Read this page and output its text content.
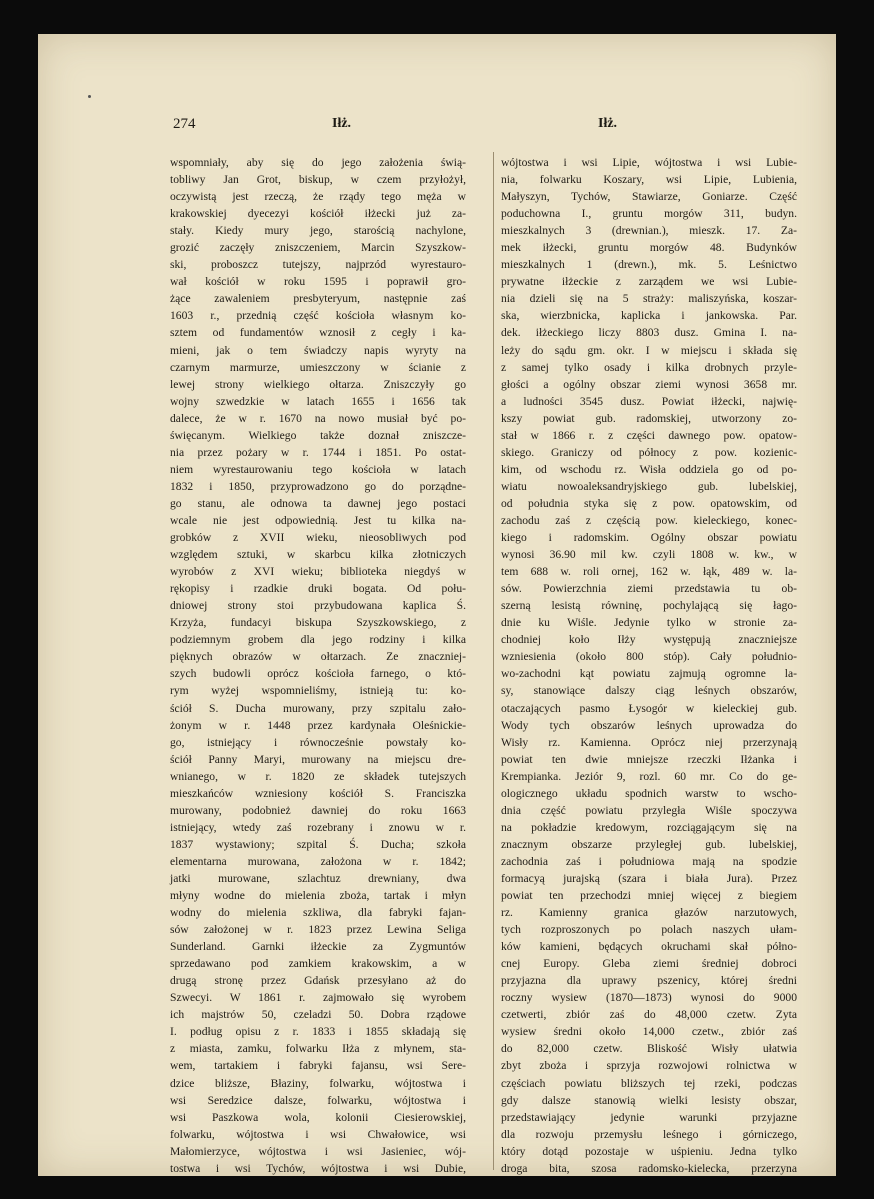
274	Iłż.	Iłż.
wspomniały, aby się do jego założenia świą-
tobliwy Jan Grot, biskup, w czem przyłożył,
oczywistą jest rzeczą, że rządy tego męża w
krakowskiej dyecezyi kościół iłżecki już za-
stały. Kiedy mury jego, starością nachylone,
grozić zaczęły zniszczeniem, Marcin Szyszkow-
ski, proboszcz tutejszy, najprzód wyrestauro-
wał kościół w roku 1595 i poprawił gro-
żące zawaleniem presbyteryum, następnie zaś
1603 r., przednią część kościoła własnym ko-
sztem od fundamentów wznosił z cegły i ka-
mieni, jak o tem świadczy napis wyryty na
czarnym marmurze, umieszczony w ścianie z
lewej strony wielkiego ołtarza. Zniszczyły go
wojny szwedzkie w latach 1655 i 1656 tak
dalece, że w r. 1670 na nowo musiał być po-
święcanym. Wielkiego także doznał zniszcze-
nia przez pożary w r. 1744 i 1851. Po ostat-
niem wyrestaurowaniu tego kościoła w latach
1832 i 1850, przyprowadzono go do porządne-
go stanu, ale odnowa ta dawnej jego postaci
wcale nie jest odpowiednią. Jest tu kilka na-
grobków z XVII wieku, nieosobliwych pod
względem sztuki, w skarbcu kilka złotniczych
wyrobów z XVI wieku; biblioteka niegdyś w
rękopisy i rzadkie druki bogata. Od połu-
dniowej strony stoi przybudowana kaplica Ś.
Krzyża, fundacyi biskupa Szyszkowskiego, z
podziemnym grobem dla jego rodziny i kilka
pięknych obrazów w ołtarzach. Ze znaczniej-
szych budowli oprócz kościoła farnego, o któ-
rym wyżej wspomnieliśmy, istnieją tu: ko-
ściół S. Ducha murowany, przy szpitalu zało-
żonym w r. 1448 przez kardynała Oleśnickie-
go, istniejący i równocześnie powstały ko-
ściół Panny Maryi, murowany na miejscu dre-
wnianego, w r. 1820 ze składek tutejszych
mieszkańców wzniesiony kościół S. Franciszka
murowany, podobnież dawniej do roku 1663
istniejący, wtedy zaś rozebrany i znowu w r.
1837 wystawiony; szpital Ś. Ducha; szkoła
elementarna murowana, założona w r. 1842;
jatki murowane, szlachtuz drewniany, dwa
młyny wodne do mielenia zboża, tartak i młyn
wodny do mielenia szkliwa, dla fabryki fajan-
sów założonej w r. 1823 przez Lewina Seliga
Sunderland. Garnki iłżeckie za Zygmuntów
sprzedawano pod zamkiem krakowskim, a w
drugą stronę przez Gdańsk przesyłano aż do
Szwecyi. W 1861 r. zajmowało się wyrobem
ich majstrów 50, czeladzi 50. Dobra rządowe
I. podług opisu z r. 1833 i 1855 składają się
z miasta, zamku, folwarku Iłża z młynem, sta-
wem, tartakiem i fabryki fajansu, wsi Sere-
dzice bliższe, Błaziny, folwarku, wójtostwa i
wsi Seredzice dalsze, folwarku, wójtostwa i
wsi Paszkowa wola, kolonii Ciesierowskiej,
folwarku, wójtostwa i wsi Chwałowice, wsi
Małomierzyce, wójtostwa i wsi Jasieniec, wój-
tostwa i wsi Tychów, wójtostwa i wsi Dubie,
wójtostwa i wsi Lipie, wójtostwa i wsi Lubie-
nia, folwarku Koszary, wsi Lipie, Lubienia,
Małyszyn, Tychów, Stawiarze, Goniarze. Część
poduchowna I., gruntu morgów 311, budyn.
mieszkalnych 3 (drewnian.), mieszk. 17. Za-
mek iłżecki, gruntu morgów 48. Budynków
mieszkalnych 1 (drewn.), mk. 5. Leśnictwo
prywatne iłżeckie z zarządem we wsi Lubie-
nia dzieli się na 5 straży: maliszyńska, koszar-
ska, wierzbnicka, kaplicka i jankowska. Par.
dek. iłżeckiego liczy 8803 dusz. Gmina I. na-
leży do sądu gm. okr. I w miejscu i składa się
z samej tylko osady i kilka drobnych przyle-
głości a ogólny obszar ziemi wynosi 3658 mr.
a ludności 3545 dusz. Powiat iłżecki, najwię-
kszy powiat gub. radomskiej, utworzony zo-
stał w 1866 r. z części dawnego pow. opatow-
skiego. Graniczy od północy z pow. kozienic-
kim, od wschodu rz. Wisła oddziela go od po-
wiatu nowoaleksandryjskiego gub. lubelskiej,
od południa styka się z pow. opatowskim, od
zachodu zaś z częścią pow. kieleckiego, konec-
kiego i radomskim. Ogólny obszar powiatu
wynosi 36.90 mil kw. czyli 1808 w. kw., w
tem 688 w. roli ornej, 162 w. łąk, 489 w. la-
sów. Powierzchnia ziemi przedstawia tu ob-
szerną lesistą równinę, pochylającą się łago-
dnie ku Wiśle. Jedynie tylko w stronie za-
chodniej koło Iłży występują znaczniejsze
wzniesienia (około 800 stóp). Cały południo-
wo-zachodni kąt powiatu zajmują ogromne la-
sy, stanowiące dalszy ciąg leśnych obszarów,
otaczających pasmo Łysogór w kieleckiej gub.
Wody tych obszarów leśnych uprowadza do
Wisły rz. Kamienna. Oprócz niej przerzynają
powiat ten dwie mniejsze rzeczki Iłżanka i
Krempianka. Jeziór 9, rozl. 60 mr. Co do ge-
ologicznego układu spodnich warstw to wscho-
dnia część powiatu przyległa Wiśle spoczywa
na pokładzie kredowym, rozciągającym się na
znacznym obszarze przyległej gub. lubelskiej,
zachodnia zaś i południowa mają na spodzie
formacyą jurajską (szara i biała Jura). Przez
powiat ten przechodzi mniej więcej z biegiem
rz. Kamienny granica głazów narzutowych,
tych rozproszonych po polach naszych ułam-
ków kamieni, będących okruchami skał półno-
cnej Europy. Gleba ziemi średniej dobroci
przyjazna dla uprawy pszenicy, której średni
roczny wysiew (1870—1873) wynosi do 9000
czetwerti, zbiór zaś do 48,000 czetw. Zyta
wysiew średni około 14,000 czetw., zbiór zaś
do 82,000 czetw. Bliskość Wisły ułatwia
zbyt zboża i sprzyja rozwojowi rolnictwa w
częściach powiatu bliższych tej rzeki, podczas
gdy dalsze stanowią wielki lesisty obszar,
przedstawiający jedynie warunki przyjazne
dla rozwoju przemysłu leśnego i górniczego,
który dotąd pozostaje w uśpieniu. Jedna tylko
droga bita, szosa radomsko-kielecka, przerzyna
